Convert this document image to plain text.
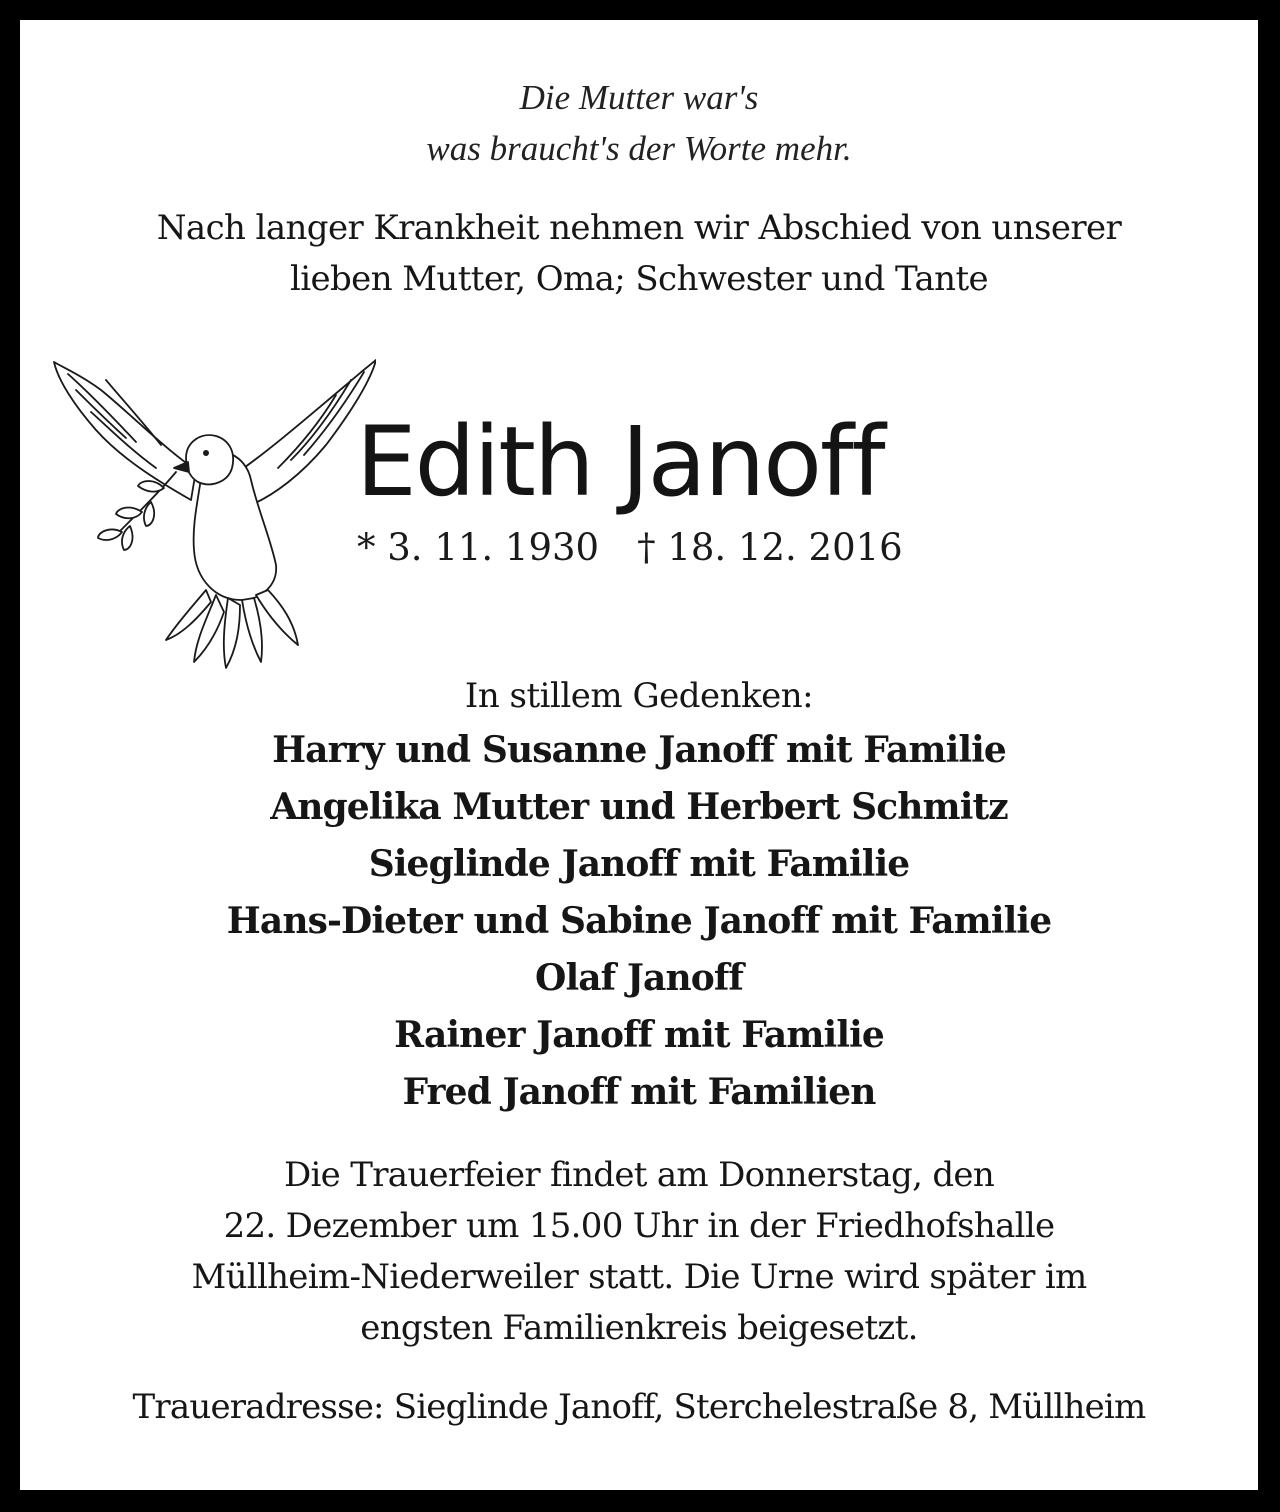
Die Mutter war's
was braucht's der Worte mehr.
Nach langer Krankheit nehmen wir Abschied von unserer
lieben Mutter, Oma; Schwester und Tante
Edith Janoff
* 3. 11. 1930 † 18. 12. 2016
In stillem Gedenken:
Harry und Susanne Janoff mit Familie
Angelika Mutter und Herbert Schmitz
Sieglinde Janoff mit Familie
Hans-Dieter und Sabine Janoff mit Familie
Olaf Janoff
Rainer Janoff mit Familie
Fred Janoff mit Familien
Die Trauerfeier findet am Donnerstag, den
22. Dezember um 15.00 Uhr in der Friedhofshalle
Müllheim-Niederweiler statt. Die Urne wird später im
engsten Familienkreis beigesetzt.
Traueradresse: Sieglinde Janoff, Sterchelestraße 8, Müllheim
